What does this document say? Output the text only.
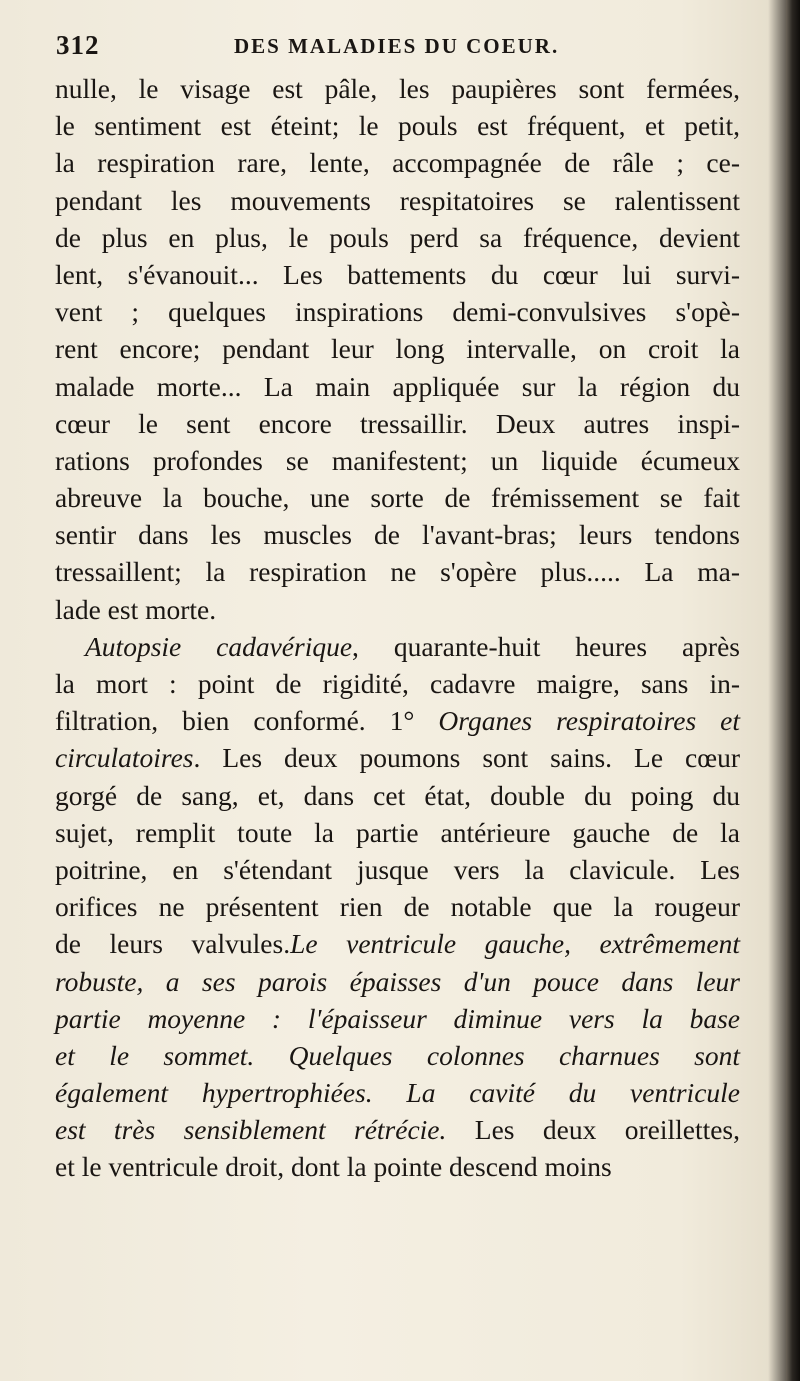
312	DES MALADIES DU COEUR.
nulle, le visage est pâle, les paupières sont fermées,
le sentiment est éteint; le pouls est fréquent, et petit,
la respiration rare, lente, accompagnée de râle ; ce-
pendant les mouvements respitatoires se ralentissent
de plus en plus, le pouls perd sa fréquence, devient
lent, s'évanouit... Les battements du cœur lui survi-
vent ; quelques inspirations demi-convulsives s'opè-
rent encore; pendant leur long intervalle, on croit la
malade morte... La main appliquée sur la région du
cœur le sent encore tressaillir. Deux autres inspi-
rations profondes se manifestent; un liquide écumeux
abreuve la bouche, une sorte de frémissement se fait
sentir dans les muscles de l'avant-bras; leurs tendons
tressaillent; la respiration ne s'opère plus..... La ma-
lade est morte.
Autopsie cadavérique, quarante-huit heures après
la mort : point de rigidité, cadavre maigre, sans in-
filtration, bien conformé. 1° Organes respiratoires et
circulatoires. Les deux poumons sont sains. Le cœur
gorgé de sang, et, dans cet état, double du poing du
sujet, remplit toute la partie antérieure gauche de la
poitrine, en s'étendant jusque vers la clavicule. Les
orifices ne présentent rien de notable que la rougeur
de leurs valvules.Le ventricule gauche, extrêmement
robuste, a ses parois épaisses d'un pouce dans leur
partie moyenne : l'épaisseur diminue vers la base
et le sommet. Quelques colonnes charnues sont
également hypertrophiées. La cavité du ventricule
est très sensiblement rétrécie. Les deux oreillettes,
et le ventricule droit, dont la pointe descend moins
